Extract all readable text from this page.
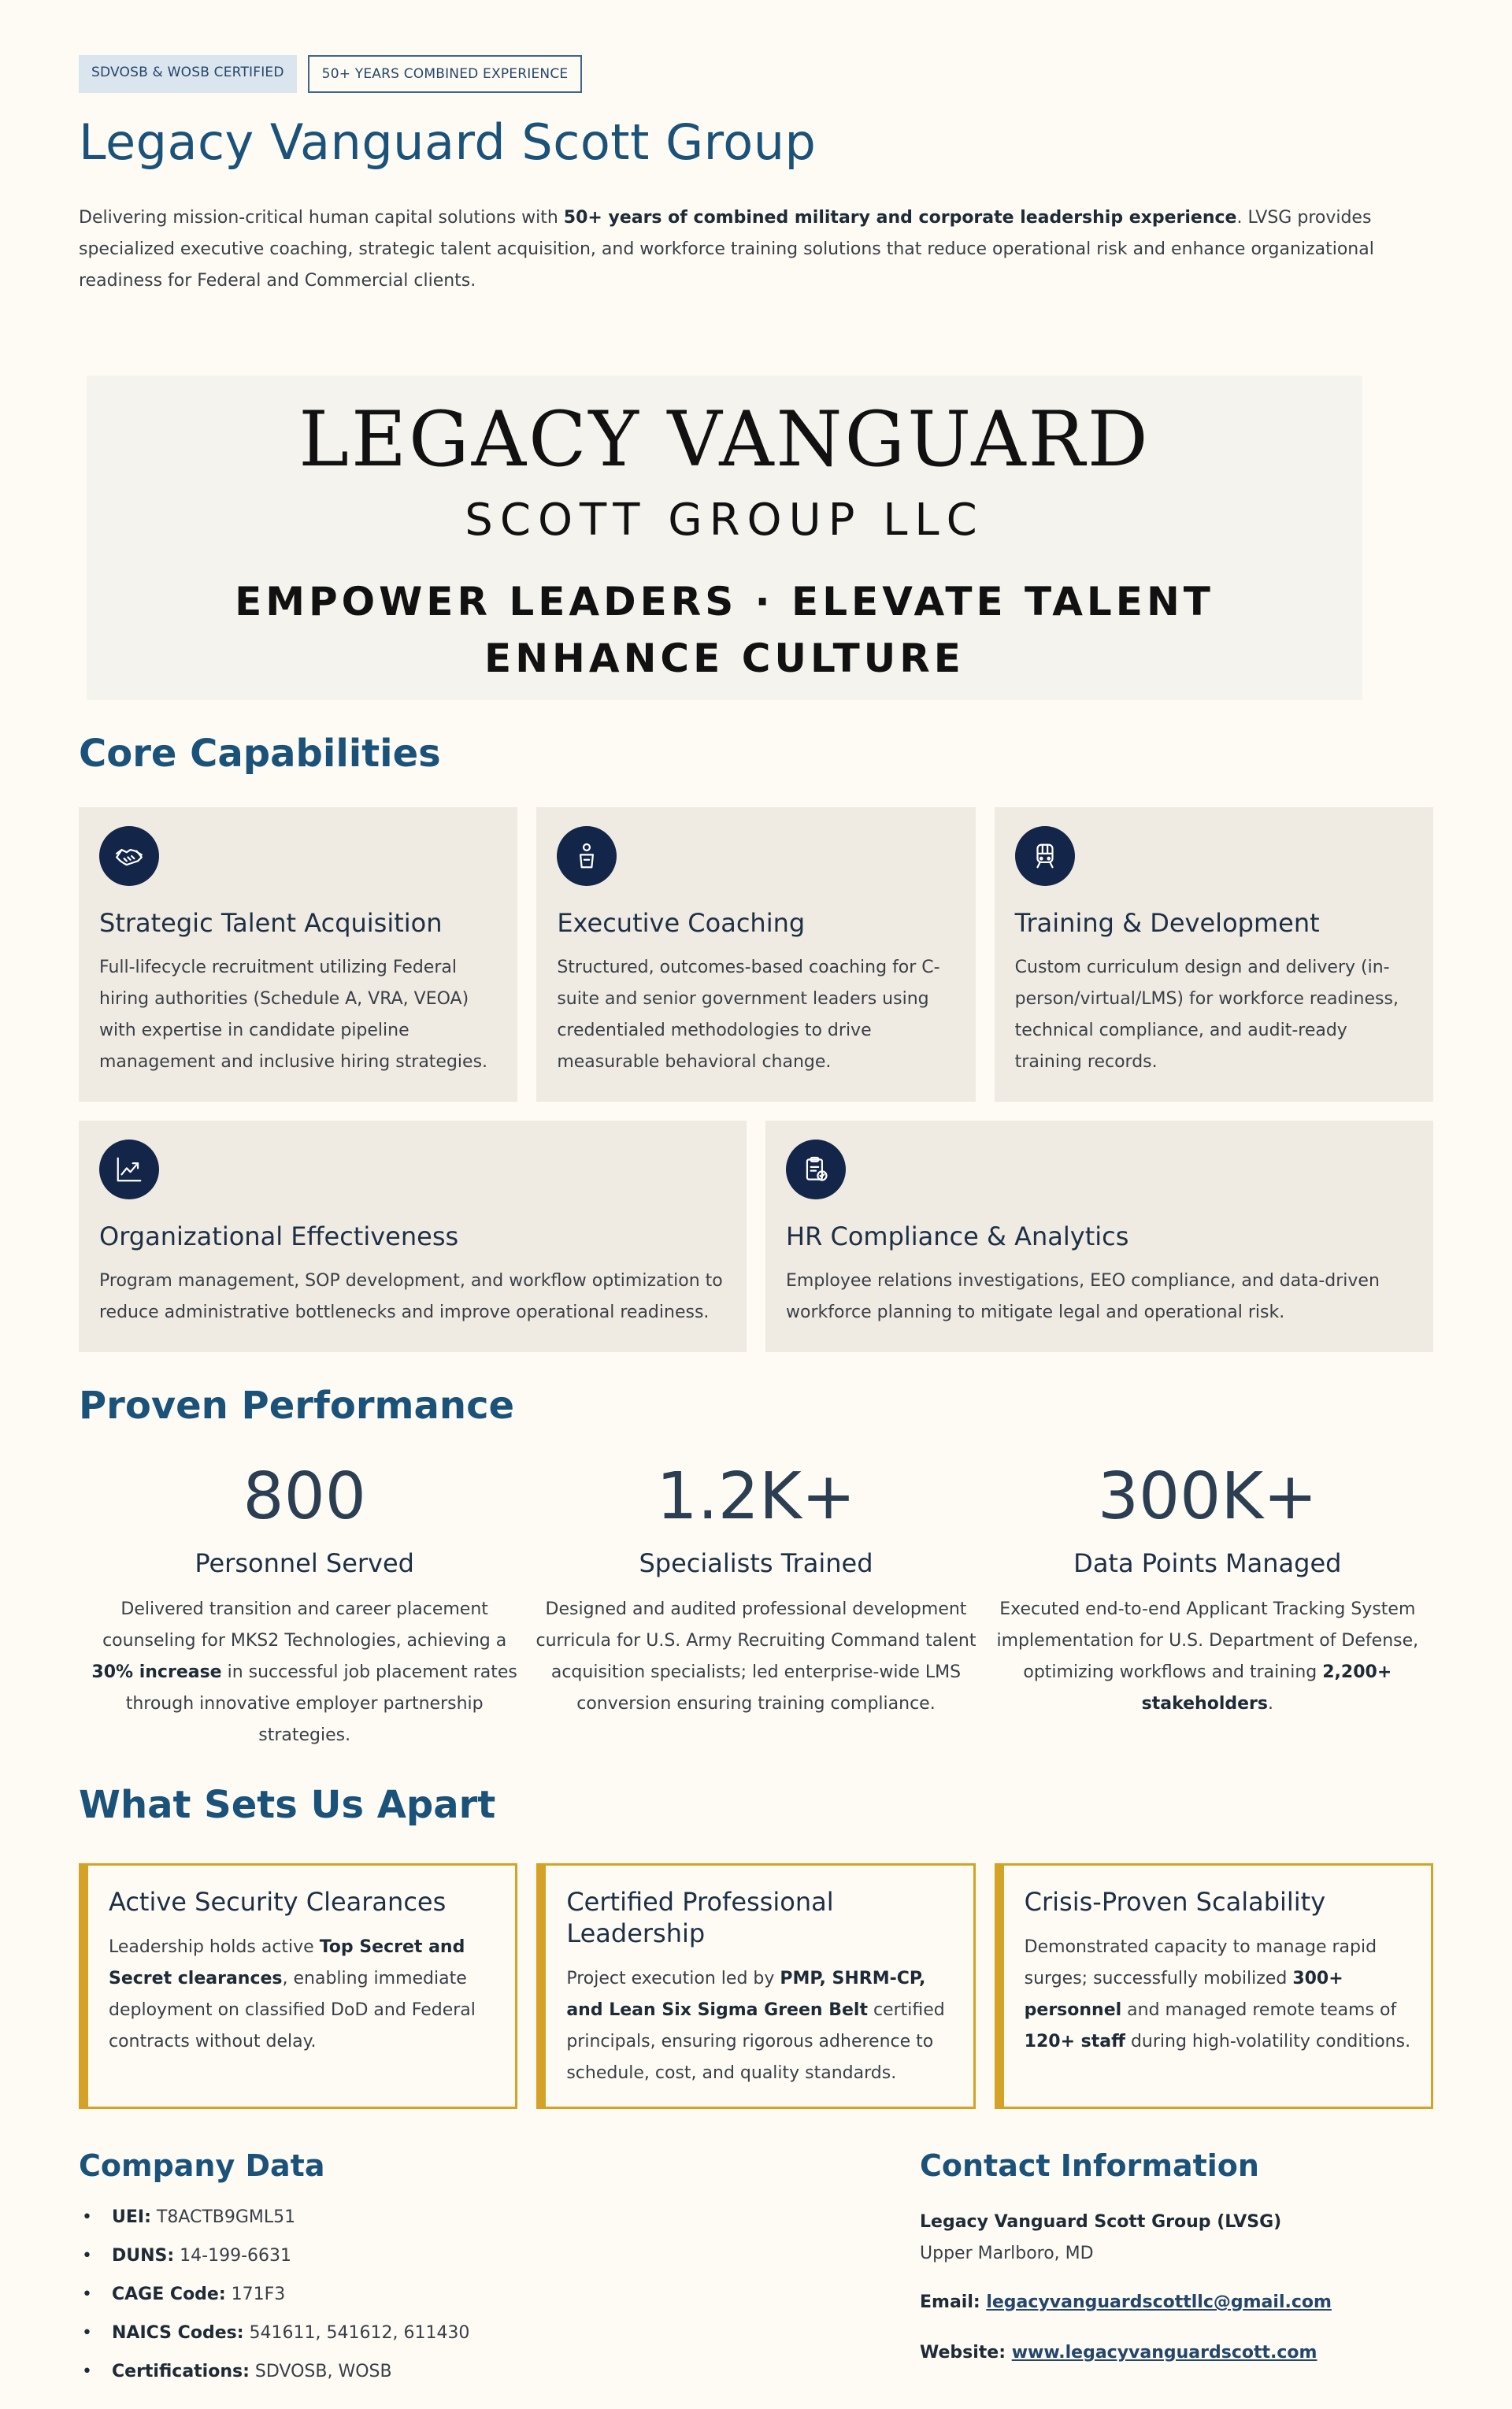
SDVOSB & WOSB CERTIFIED	50+ YEARS COMBINED EXPERIENCE
Legacy Vanguard Scott Group

Delivering mission-critical human capital solutions with 50+ years of combined military and corporate leadership experience. LVSG provides specialized executive coaching, strategic talent acquisition, and workforce training solutions that reduce operational risk and enhance organizational readiness for Federal and Commercial clients.

LEGACY VANGUARD
SCOTT GROUP LLC
EMPOWER LEADERS · ELEVATE TALENT
ENHANCE CULTURE
Core Capabilities
Strategic Talent Acquisition
Full-lifecycle recruitment utilizing Federal hiring authorities (Schedule A, VRA, VEOA) with expertise in candidate pipeline management and inclusive hiring strategies.
Executive Coaching
Structured, outcomes-based coaching for C-suite and senior government leaders using credentialed methodologies to drive measurable behavioral change.
Training & Development
Custom curriculum design and delivery (in-person/virtual/LMS) for workforce readiness, technical compliance, and audit-ready training records.
Organizational Effectiveness
Program management, SOP development, and workflow optimization to reduce administrative bottlenecks and improve operational readiness.
HR Compliance & Analytics
Employee relations investigations, EEO compliance, and data-driven workforce planning to mitigate legal and operational risk.
Proven Performance
800
Personnel Served
Delivered transition and career placement counseling for MKS2 Technologies, achieving a 30% increase in successful job placement rates through innovative employer partnership strategies.
1.2K+
Specialists Trained
Designed and audited professional development curricula for U.S. Army Recruiting Command talent acquisition specialists; led enterprise-wide LMS conversion ensuring training compliance.
300K+
Data Points Managed
Executed end-to-end Applicant Tracking System implementation for U.S. Department of Defense, optimizing workflows and training 2,200+ stakeholders.
What Sets Us Apart
Active Security Clearances
Leadership holds active Top Secret and Secret clearances, enabling immediate deployment on classified DoD and Federal contracts without delay.
Certified Professional Leadership
Project execution led by PMP, SHRM-CP, and Lean Six Sigma Green Belt certified principals, ensuring rigorous adherence to schedule, cost, and quality standards.
Crisis-Proven Scalability
Demonstrated capacity to manage rapid surges; successfully mobilized 300+ personnel and managed remote teams of 120+ staff during high-volatility conditions.
Company Data
• UEI: T8ACTB9GML51
• DUNS: 14-199-6631
• CAGE Code: 171F3
• NAICS Codes: 541611, 541612, 611430
• Certifications: SDVOSB, WOSB
Contact Information
Legacy Vanguard Scott Group (LVSG)
Upper Marlboro, MD
Email: legacyvanguardscottllc@gmail.com
Website: www.legacyvanguardscott.com
